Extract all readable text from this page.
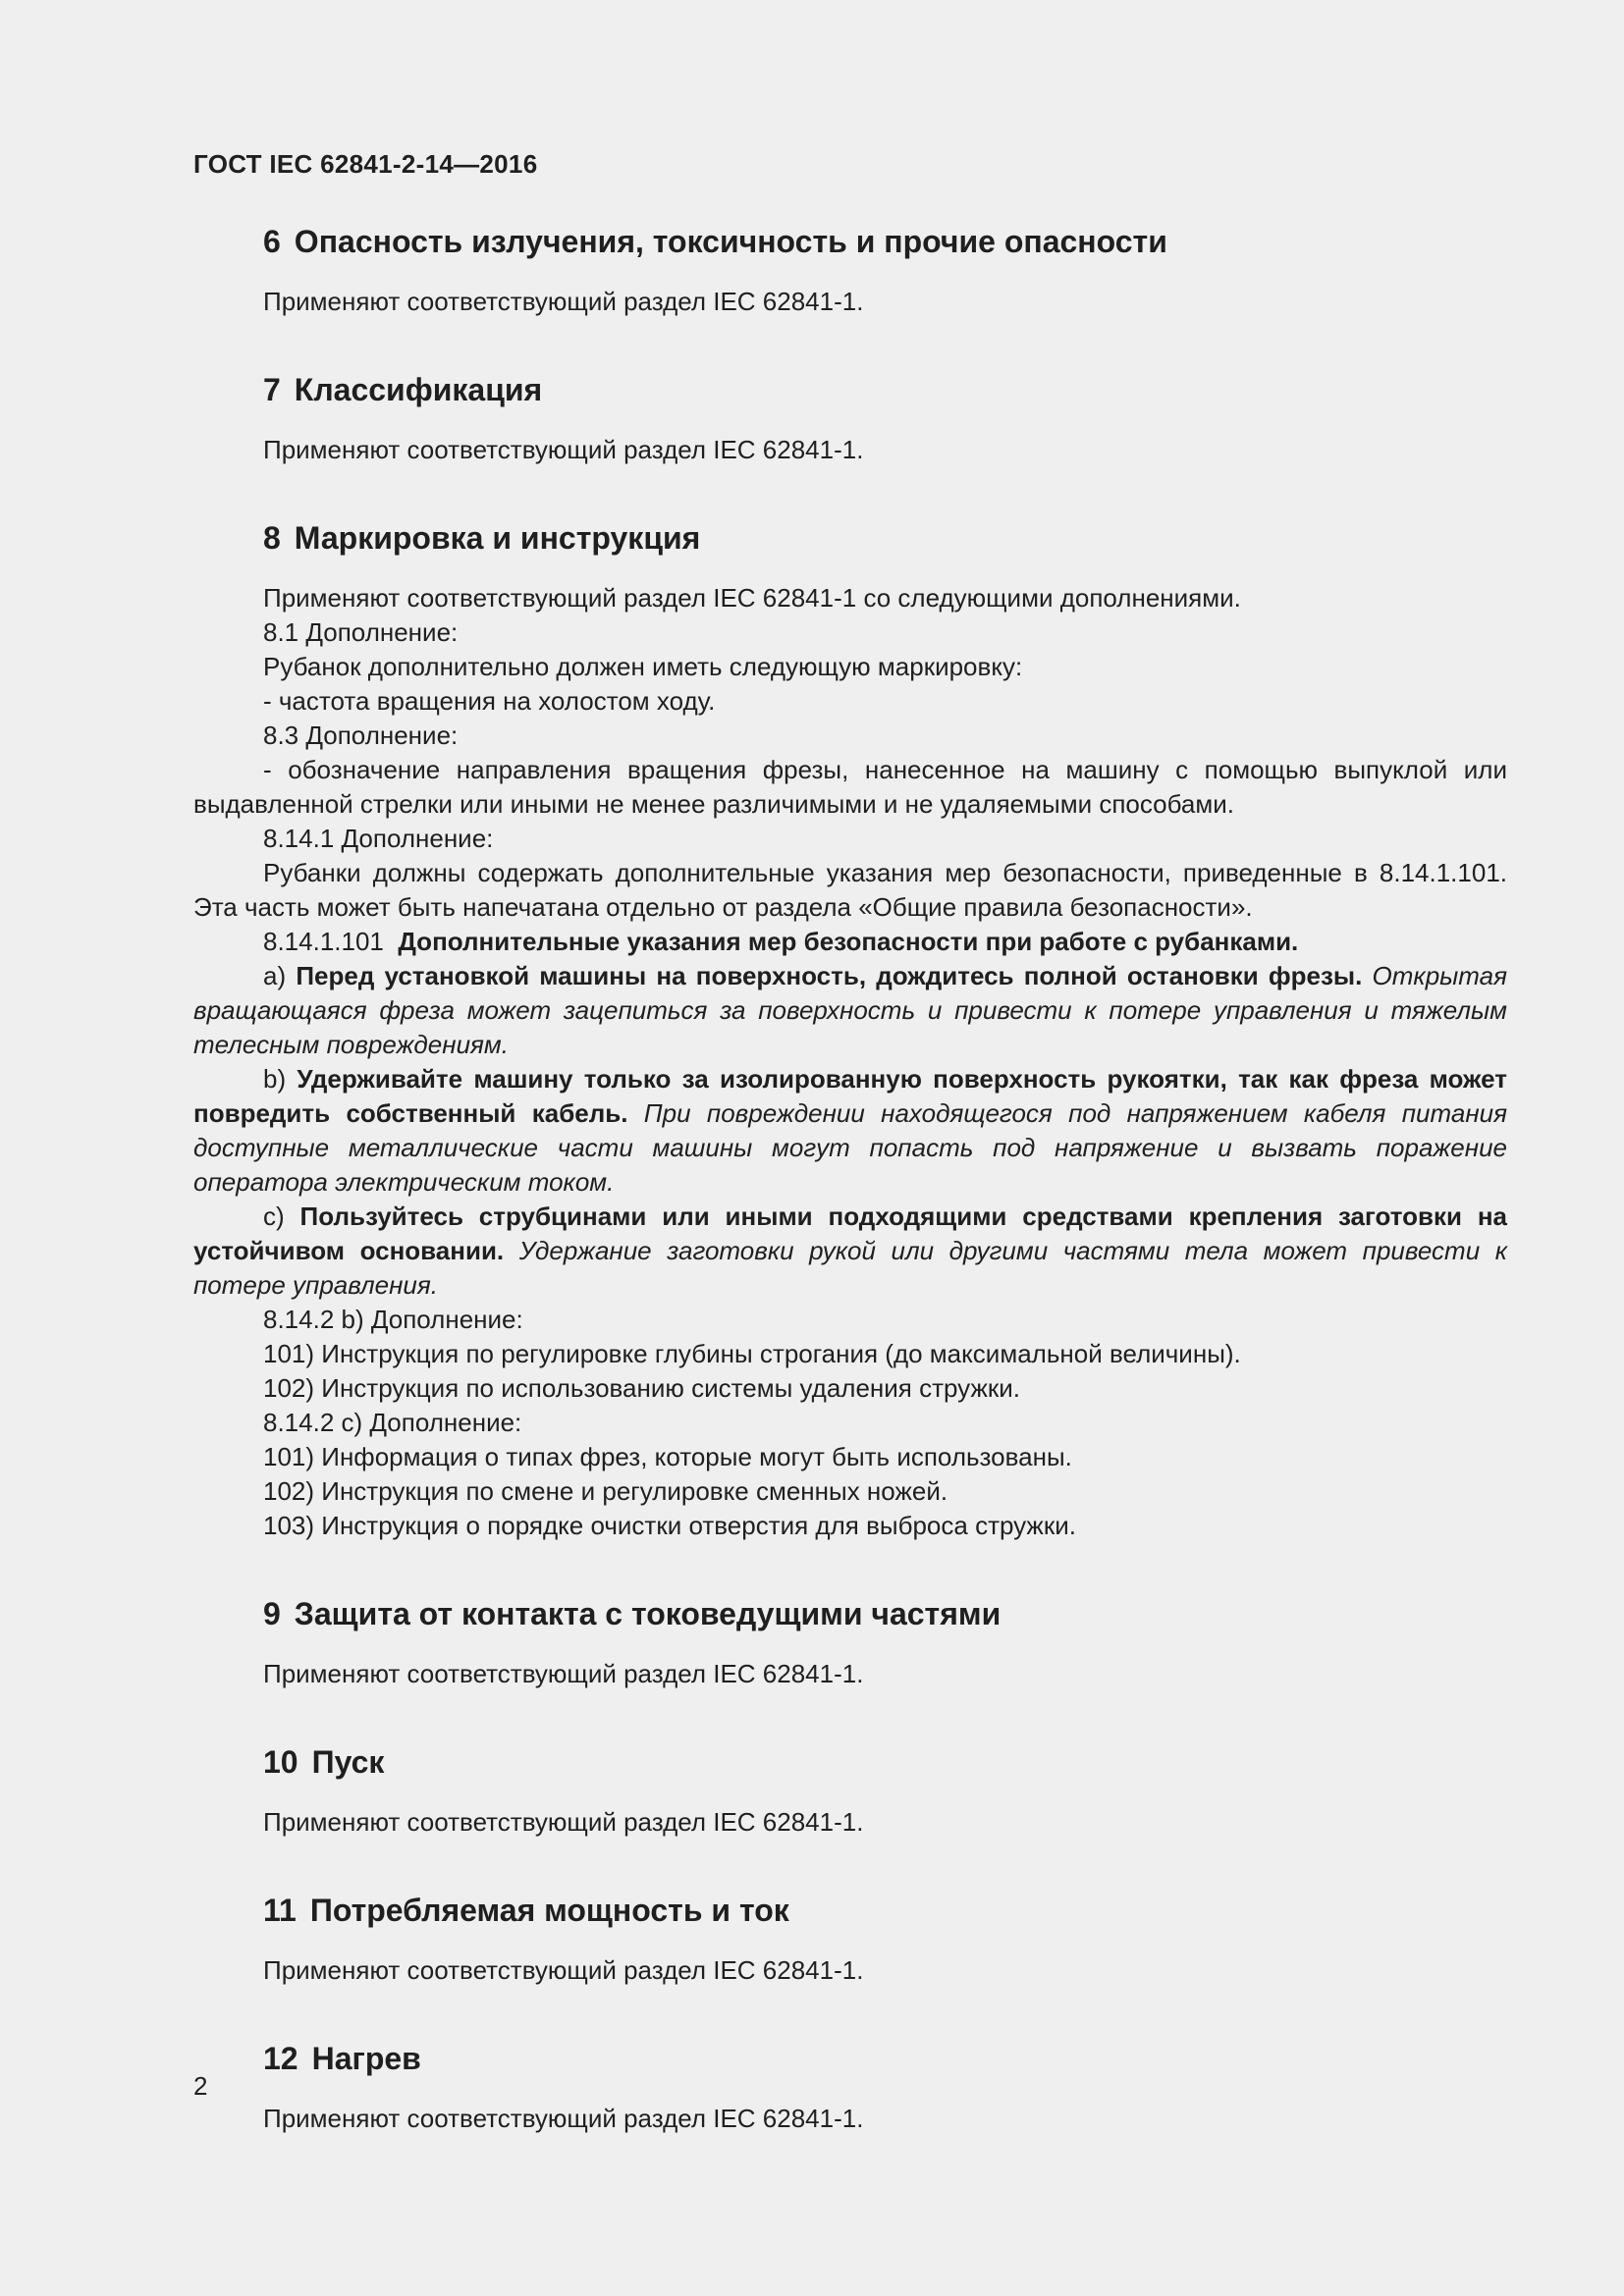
ГОСТ IEC 62841-2-14—2016
6 Опасность излучения, токсичность и прочие опасности

Применяют соответствующий раздел IEC 62841-1.

7 Классификация

Применяют соответствующий раздел IEC 62841-1.

8 Маркировка и инструкция

Применяют соответствующий раздел IEC 62841-1 со следующими дополнениями.

8.1 Дополнение:

Рубанок дополнительно должен иметь следующую маркировку:

- частота вращения на холостом ходу.

8.3 Дополнение:

- обозначение направления вращения фрезы, нанесенное на машину с помощью выпуклой или выдавленной стрелки или иными не менее различимыми и не удаляемыми способами.

8.14.1 Дополнение:

Рубанки должны содержать дополнительные указания мер безопасности, приведенные в 8.14.1.101. Эта часть может быть напечатана отдельно от раздела «Общие правила безопасности».

8.14.1.101 Дополнительные указания мер безопасности при работе с рубанками.

a) Перед установкой машины на поверхность, дождитесь полной остановки фрезы. Открытая вращающаяся фреза может зацепиться за поверхность и привести к потере управления и тяжелым телесным повреждениям.

b) Удерживайте машину только за изолированную поверхность рукоятки, так как фреза может повредить собственный кабель. При повреждении находящегося под напряжением кабеля питания доступные металлические части машины могут попасть под напряжение и вызвать поражение оператора электрическим током.

c) Пользуйтесь струбцинами или иными подходящими средствами крепления заготовки на устойчивом основании. Удержание заготовки рукой или другими частями тела может привести к потере управления.

8.14.2 b) Дополнение:

101) Инструкция по регулировке глубины строгания (до максимальной величины).

102) Инструкция по использованию системы удаления стружки.

8.14.2 c) Дополнение:

101) Информация о типах фрез, которые могут быть использованы.

102) Инструкция по смене и регулировке сменных ножей.

103) Инструкция о порядке очистки отверстия для выброса стружки.

9 Защита от контакта с токоведущими частями

Применяют соответствующий раздел IEC 62841-1.

10 Пуск

Применяют соответствующий раздел IEC 62841-1.

11 Потребляемая мощность и ток

Применяют соответствующий раздел IEC 62841-1.

12 Нагрев

Применяют соответствующий раздел IEC 62841-1.

2
